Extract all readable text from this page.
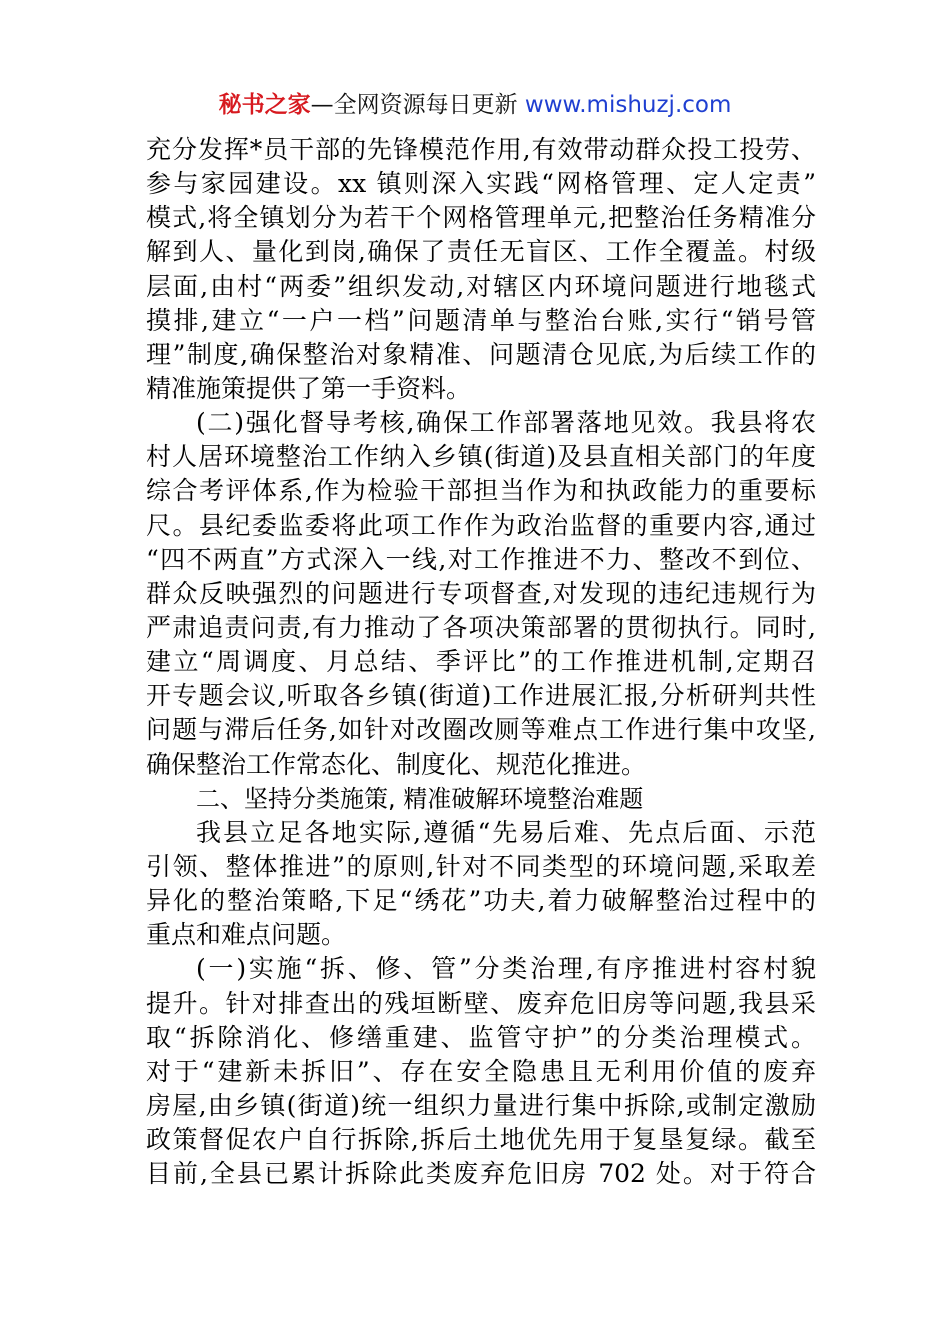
秘书之家—全网资源每日更新 www.mishuzj.com
充分发挥*员干部的先锋模范作用,有效带动群众投工投劳、
参与家园建设。xx 镇则深入实践“网格管理、定人定责”
模式,将全镇划分为若干个网格管理单元,把整治任务精准分
解到人、量化到岗,确保了责任无盲区、工作全覆盖。村级
层面,由村“两委”组织发动,对辖区内环境问题进行地毯式
摸排,建立“一户一档”问题清单与整治台账,实行“销号管
理”制度,确保整治对象精准、问题清仓见底,为后续工作的
精准施策提供了第一手资料。
(二)强化督导考核,确保工作部署落地见效。我县将农
村人居环境整治工作纳入乡镇(街道)及县直相关部门的年度
综合考评体系,作为检验干部担当作为和执政能力的重要标
尺。县纪委监委将此项工作作为政治监督的重要内容,通过
“四不两直”方式深入一线,对工作推进不力、整改不到位、
群众反映强烈的问题进行专项督查,对发现的违纪违规行为
严肃追责问责,有力推动了各项决策部署的贯彻执行。同时,
建立“周调度、月总结、季评比”的工作推进机制,定期召
开专题会议,听取各乡镇(街道)工作进展汇报,分析研判共性
问题与滞后任务,如针对改圈改厕等难点工作进行集中攻坚,
确保整治工作常态化、制度化、规范化推进。
二、坚持分类施策, 精准破解环境整治难题
我县立足各地实际,遵循“先易后难、先点后面、示范
引领、整体推进”的原则,针对不同类型的环境问题,采取差
异化的整治策略,下足“绣花”功夫,着力破解整治过程中的
重点和难点问题。
(一)实施“拆、修、管”分类治理,有序推进村容村貌
提升。针对排查出的残垣断壁、废弃危旧房等问题,我县采
取“拆除消化、修缮重建、监管守护”的分类治理模式。
对于“建新未拆旧”、存在安全隐患且无利用价值的废弃
房屋,由乡镇(街道)统一组织力量进行集中拆除,或制定激励
政策督促农户自行拆除,拆后土地优先用于复垦复绿。截至
目前,全县已累计拆除此类废弃危旧房 702 处。对于符合
